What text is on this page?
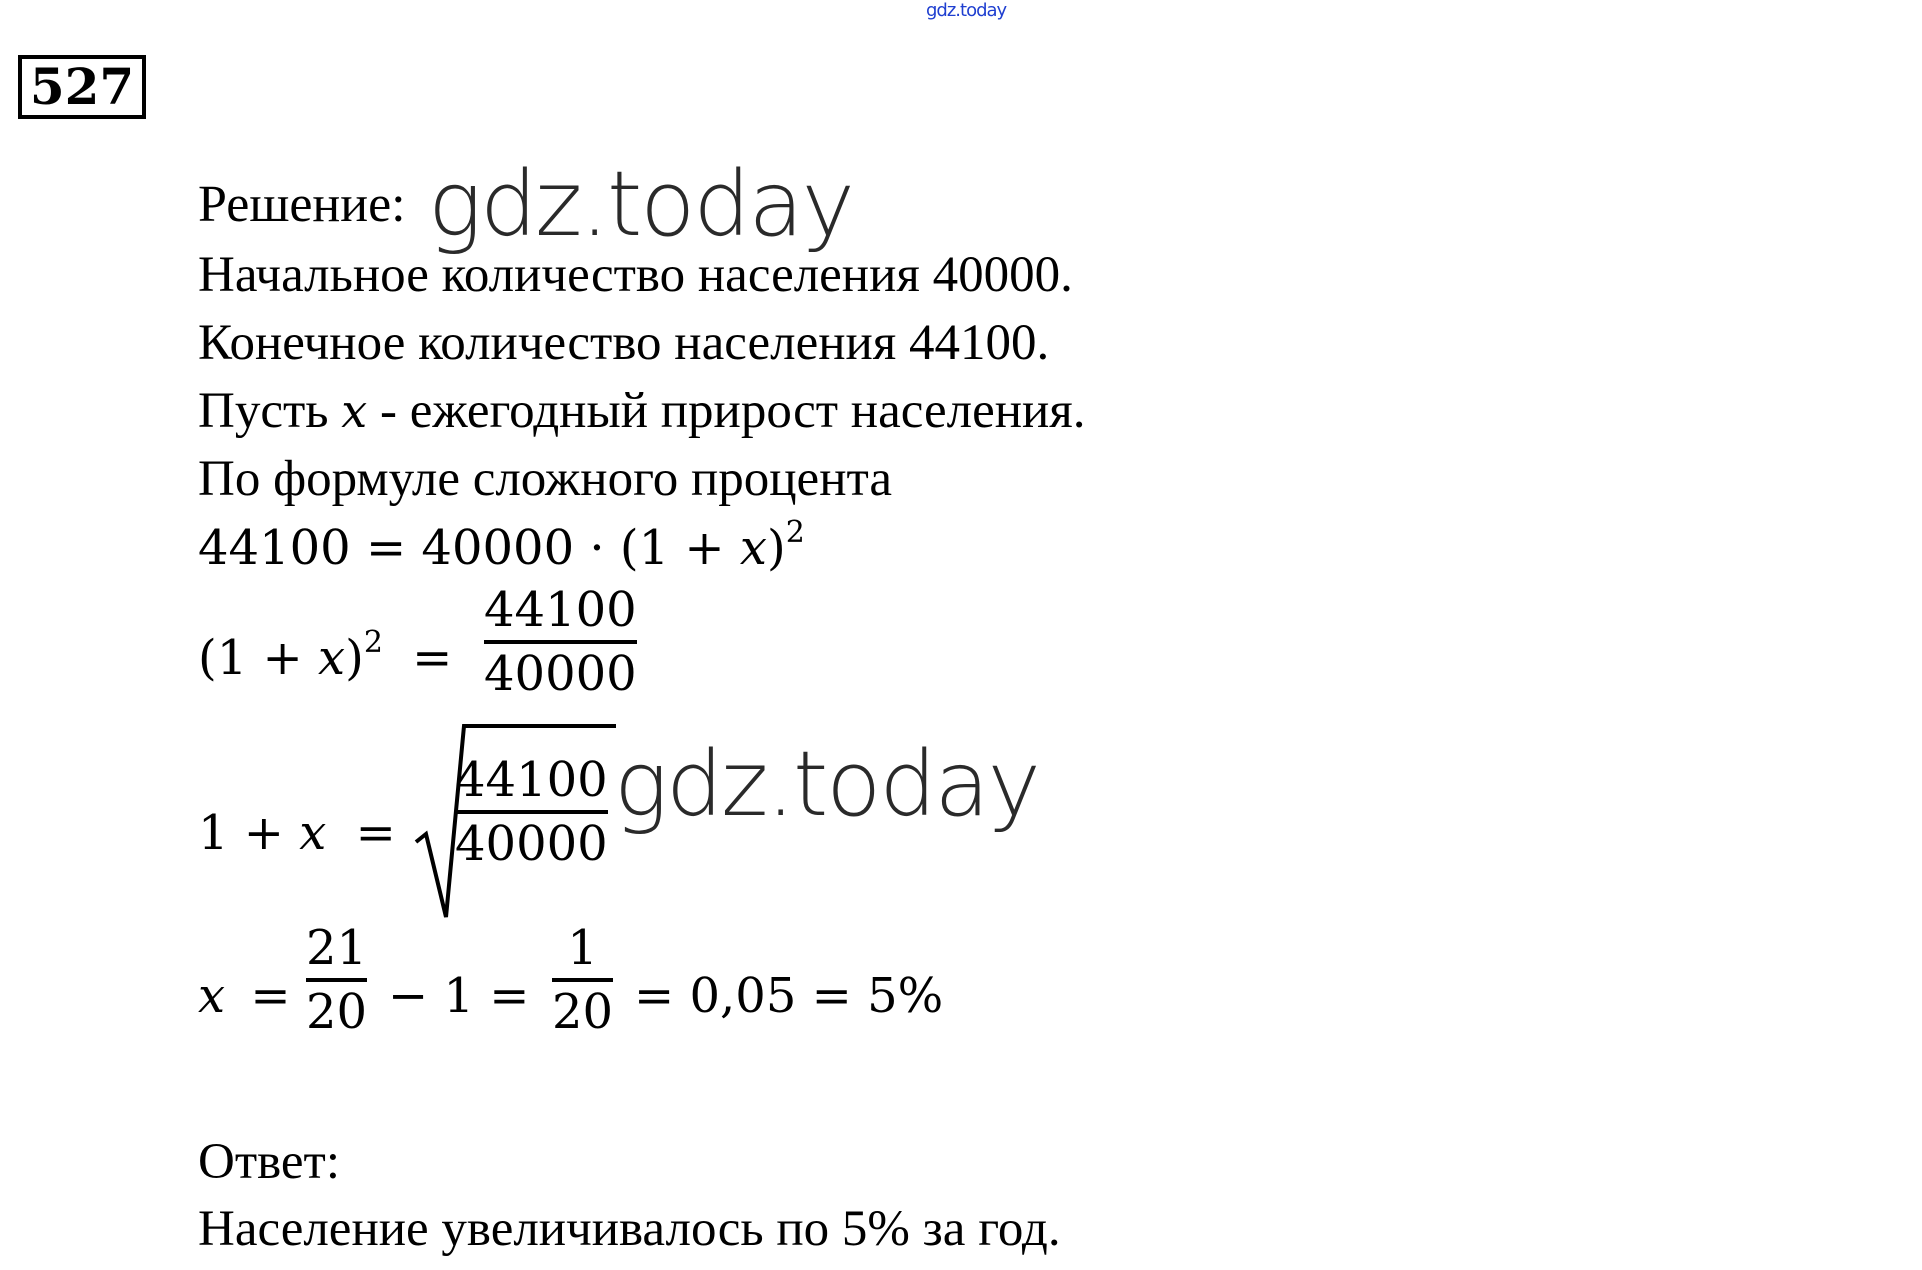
gdz.today
527
Решение: gdz.today
Начальное количество населения 40000.
Конечное количество населения 44100.
Пусть x - ежегодный прирост населения.
По формуле сложного процента
$44100 = 40000 \cdot (1 + x)^2$
$(1 + x)^2$ =
44100
40000
1 + x =
44100
40000
gdz.today
x =
21
20 − 1 =
1
20 = 0,05 = 5%
Ответ:
Население увеличивалось по 5% за год.
